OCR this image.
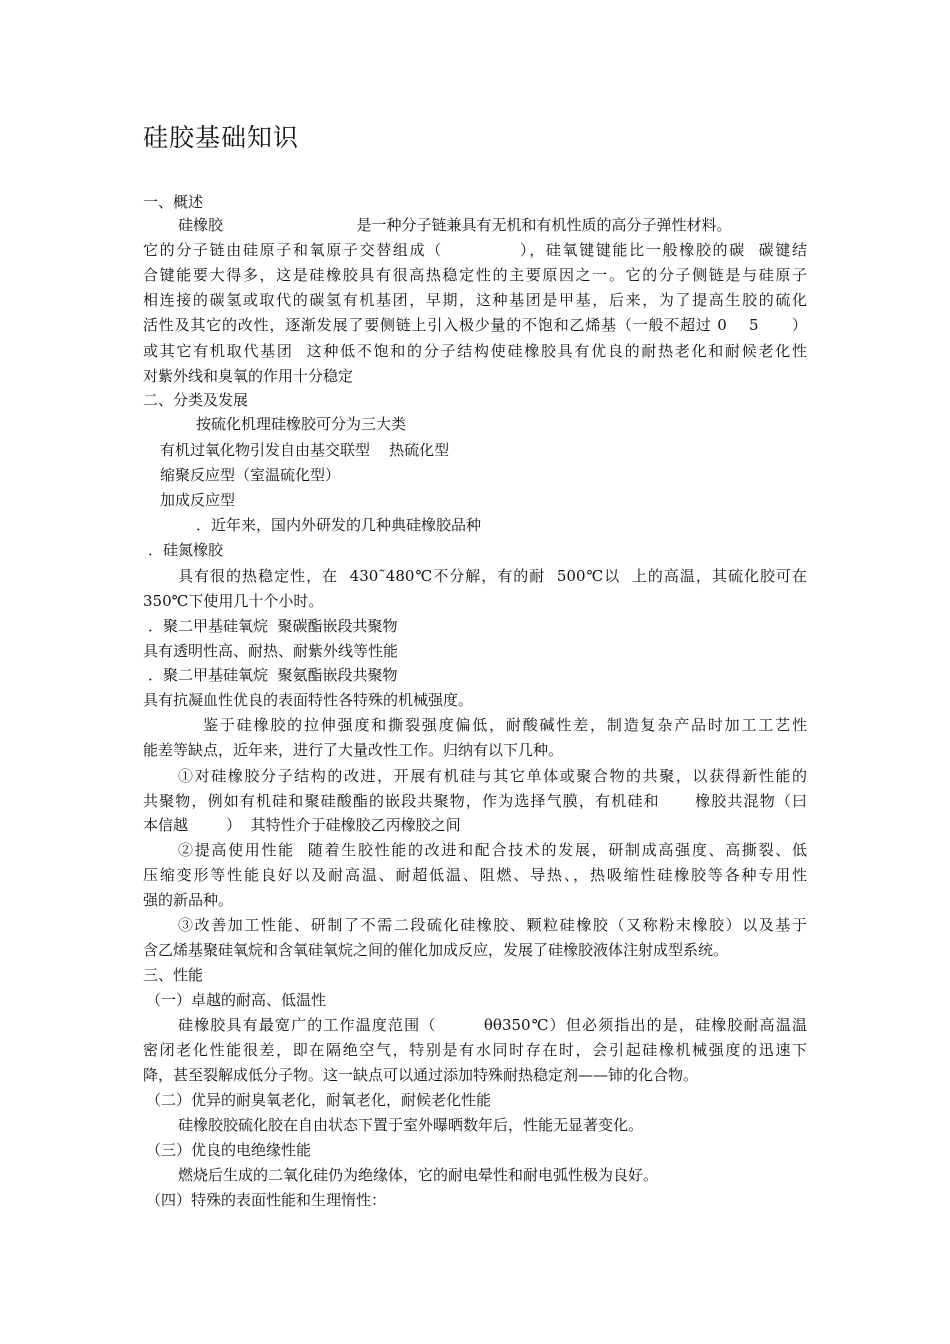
硅胶基础知识
一、概述
硅橡胶                            是一种分子链兼具有无机和有机性质的高分子弹性材料。
它的分子链由硅原子和氧原子交替组成（            ），硅氧键键能比一般橡胶的碳  碳键结
合键能要大得多，这是硅橡胶具有很高热稳定性的主要原因之一。它的分子侧链是与硅原子
相连接的碳氢或取代的碳氢有机基团，早期，这种基团是甲基，后来，为了提高生胶的硫化
活性及其它的改性，逐渐发展了要侧链上引入极少量的不饱和乙烯基（一般不超过 0    5      ）
或其它有机取代基团  这种低不饱和的分子结构使硅橡胶具有优良的耐热老化和耐候老化性
对紫外线和臭氧的作用十分稳定
二、分类及发展
按硫化机理硅橡胶可分为三大类
有机过氧化物引发自由基交联型    热硫化型
缩聚反应型（室温硫化型）
加成反应型
．近年来，国内外研发的几种典硅橡胶品种
．硅氮橡胶
具有很的热稳定性，在  430˜480℃不分解，有的耐  500℃以  上的高温，其硫化胶可在
350℃下使用几十个小时。
．聚二甲基硅氧烷  聚碳酯嵌段共聚物
具有透明性高、耐热、耐紫外线等性能
．聚二甲基硅氧烷  聚氨酯嵌段共聚物
具有抗凝血性优良的表面特性各特殊的机械强度。
鉴于硅橡胶的拉伸强度和撕裂强度偏低，耐酸碱性差，制造复杂产品时加工工艺性
能差等缺点，近年来，进行了大量改性工作。归纳有以下几种。
①对硅橡胶分子结构的改进，开展有机硅与其它单体或聚合物的共聚，以获得新性能的
共聚物，例如有机硅和聚硅酸酯的嵌段共聚物，作为选择气膜，有机硅和      橡胶共混物（曰
本信越        ）  其特性介于硅橡胶乙丙橡胶之间
②提高使用性能  随着生胶性能的改进和配合技术的发展，研制成高强度、高撕裂、低
压缩变形等性能良好以及耐高温、耐超低温、阻燃、导热、，热吸缩性硅橡胶等各种专用性
强的新品种。
③改善加工性能、研制了不需二段硫化硅橡胶、颗粒硅橡胶（又称粉末橡胶）以及基于
含乙烯基聚硅氧烷和含氧硅氧烷之间的催化加成反应，发展了硅橡胶液体注射成型系统。
三、性能
（一）卓越的耐高、低温性
硅橡胶具有最宽广的工作温度范围（        θθ350℃）但必须指出的是，硅橡胶耐高温温
密闭老化性能很差，即在隔绝空气，特别是有水同时存在时，会引起硅橡机械强度的迅速下
降，甚至裂解成低分子物。这一缺点可以通过添加特殊耐热稳定剂——铈的化合物。
（二）优异的耐臭氧老化，耐氧老化，耐候老化性能
硅橡胶胶硫化胶在自由状态下置于室外曝晒数年后，性能无显著变化。
（三）优良的电绝缘性能
燃烧后生成的二氧化硅仍为绝缘体，它的耐电晕性和耐电弧性极为良好。
（四）特殊的表面性能和生理惰性：
